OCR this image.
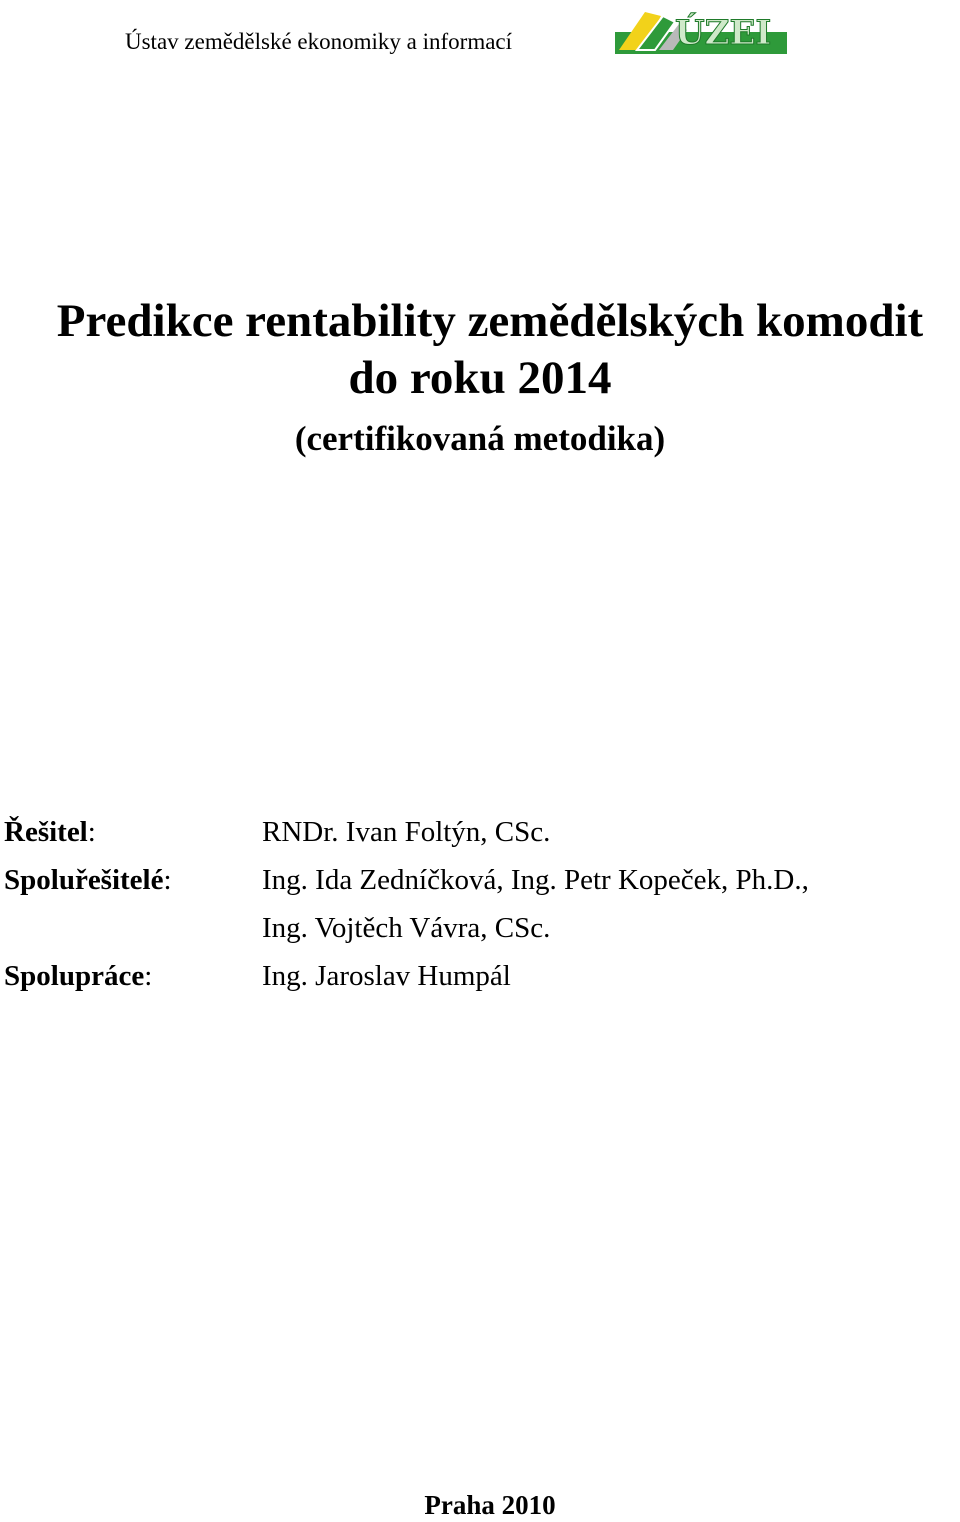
Ústav zemědělské ekonomiky a informací	ÚZEI
Predikce rentability zemědělských komodit
do roku 2014
(certifikovaná metodika)
Řešitel:	RNDr. Ivan Foltýn, CSc.
Spoluřešitelé:	Ing. Ida Zedníčková, Ing. Petr Kopeček, Ph.D.,
Ing. Vojtěch Vávra, CSc.
Spolupráce:	Ing. Jaroslav Humpál
Praha 2010
